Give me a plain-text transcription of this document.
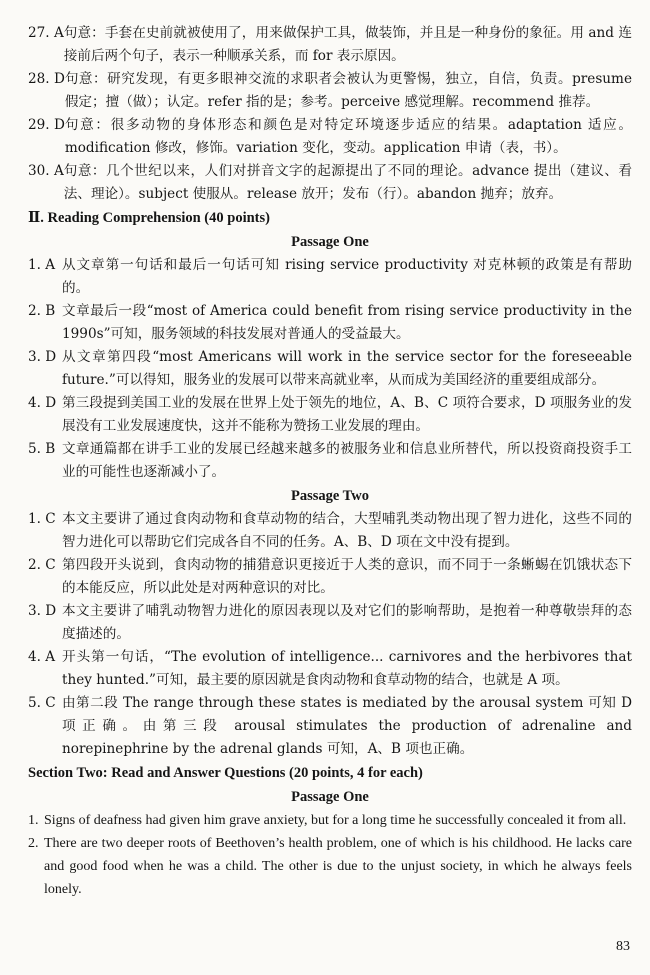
27. A 句意：手套在史前就被使用了，用来做保护工具，做装饰，并且是一种身份的象征。用 and 连接前后两个句子，表示一种顺承关系，而 for 表示原因。
28. D 句意：研究发现，有更多眼神交流的求职者会被认为更警惕，独立，自信，负责。presume 假定；擅（做）；认定。refer 指的是；参考。perceive 感觉理解。recommend 推荐。
29. D 句意：很多动物的身体形态和颜色是对特定环境逐步适应的结果。adaptation 适应。modification 修改，修饰。variation 变化，变动。application 申请（表，书）。
30. A 句意：几个世纪以来，人们对拼音文字的起源提出了不同的理论。advance 提出（建议、看法、理论）。subject 使服从。release 放开；发布（行）。abandon 抛弃；放弃。
Ⅱ. Reading Comprehension (40 points)
Passage One
1. A 从文章第一句话和最后一句话可知 rising service productivity 对克林顿的政策是有帮助的。
2. B 文章最后一段“most of America could benefit from rising service productivity in the 1990s”可知，服务领域的科技发展对普通人的受益最大。
3. D 从文章第四段“most Americans will work in the service sector for the foreseeable future.”可以得知，服务业的发展可以带来高就业率，从而成为美国经济的重要组成部分。
4. D 第三段提到美国工业的发展在世界上处于领先的地位，A、B、C 项符合要求，D 项服务业的发展没有工业发展速度快，这并不能称为赞扬工业发展的理由。
5. B 文章通篇都在讲手工业的发展已经越来越多的被服务业和信息业所替代，所以投资商投资手工业的可能性也逐渐减小了。
Passage Two
1. C 本文主要讲了通过食肉动物和食草动物的结合，大型哺乳类动物出现了智力进化，这些不同的智力进化可以帮助它们完成各自不同的任务。A、B、D 项在文中没有提到。
2. C 第四段开头说到，食肉动物的捕猎意识更接近于人类的意识，而不同于一条蜥蜴在饥饿状态下的本能反应，所以此处是对两种意识的对比。
3. D 本文主要讲了哺乳动物智力进化的原因表现以及对它们的影响帮助，是抱着一种尊敬崇拜的态度描述的。
4. A 开头第一句话，“The evolution of intelligence... carnivores and the herbivores that they hunted.”可知，最主要的原因就是食肉动物和食草动物的结合，也就是 A 项。
5. C 由第二段 The range through these states is mediated by the arousal system 可知 D 项正确。由第三段 arousal stimulates the production of adrenaline and norepinephrine by the adrenal glands 可知，A、B 项也正确。
Section Two: Read and Answer Questions (20 points, 4 for each)
Passage One
1. Signs of deafness had given him grave anxiety, but for a long time he successfully concealed it from all.
2. There are two deeper roots of Beethoven’s health problem, one of which is his childhood. He lacks care and good food when he was a child. The other is due to the unjust society, in which he always feels lonely.
83
